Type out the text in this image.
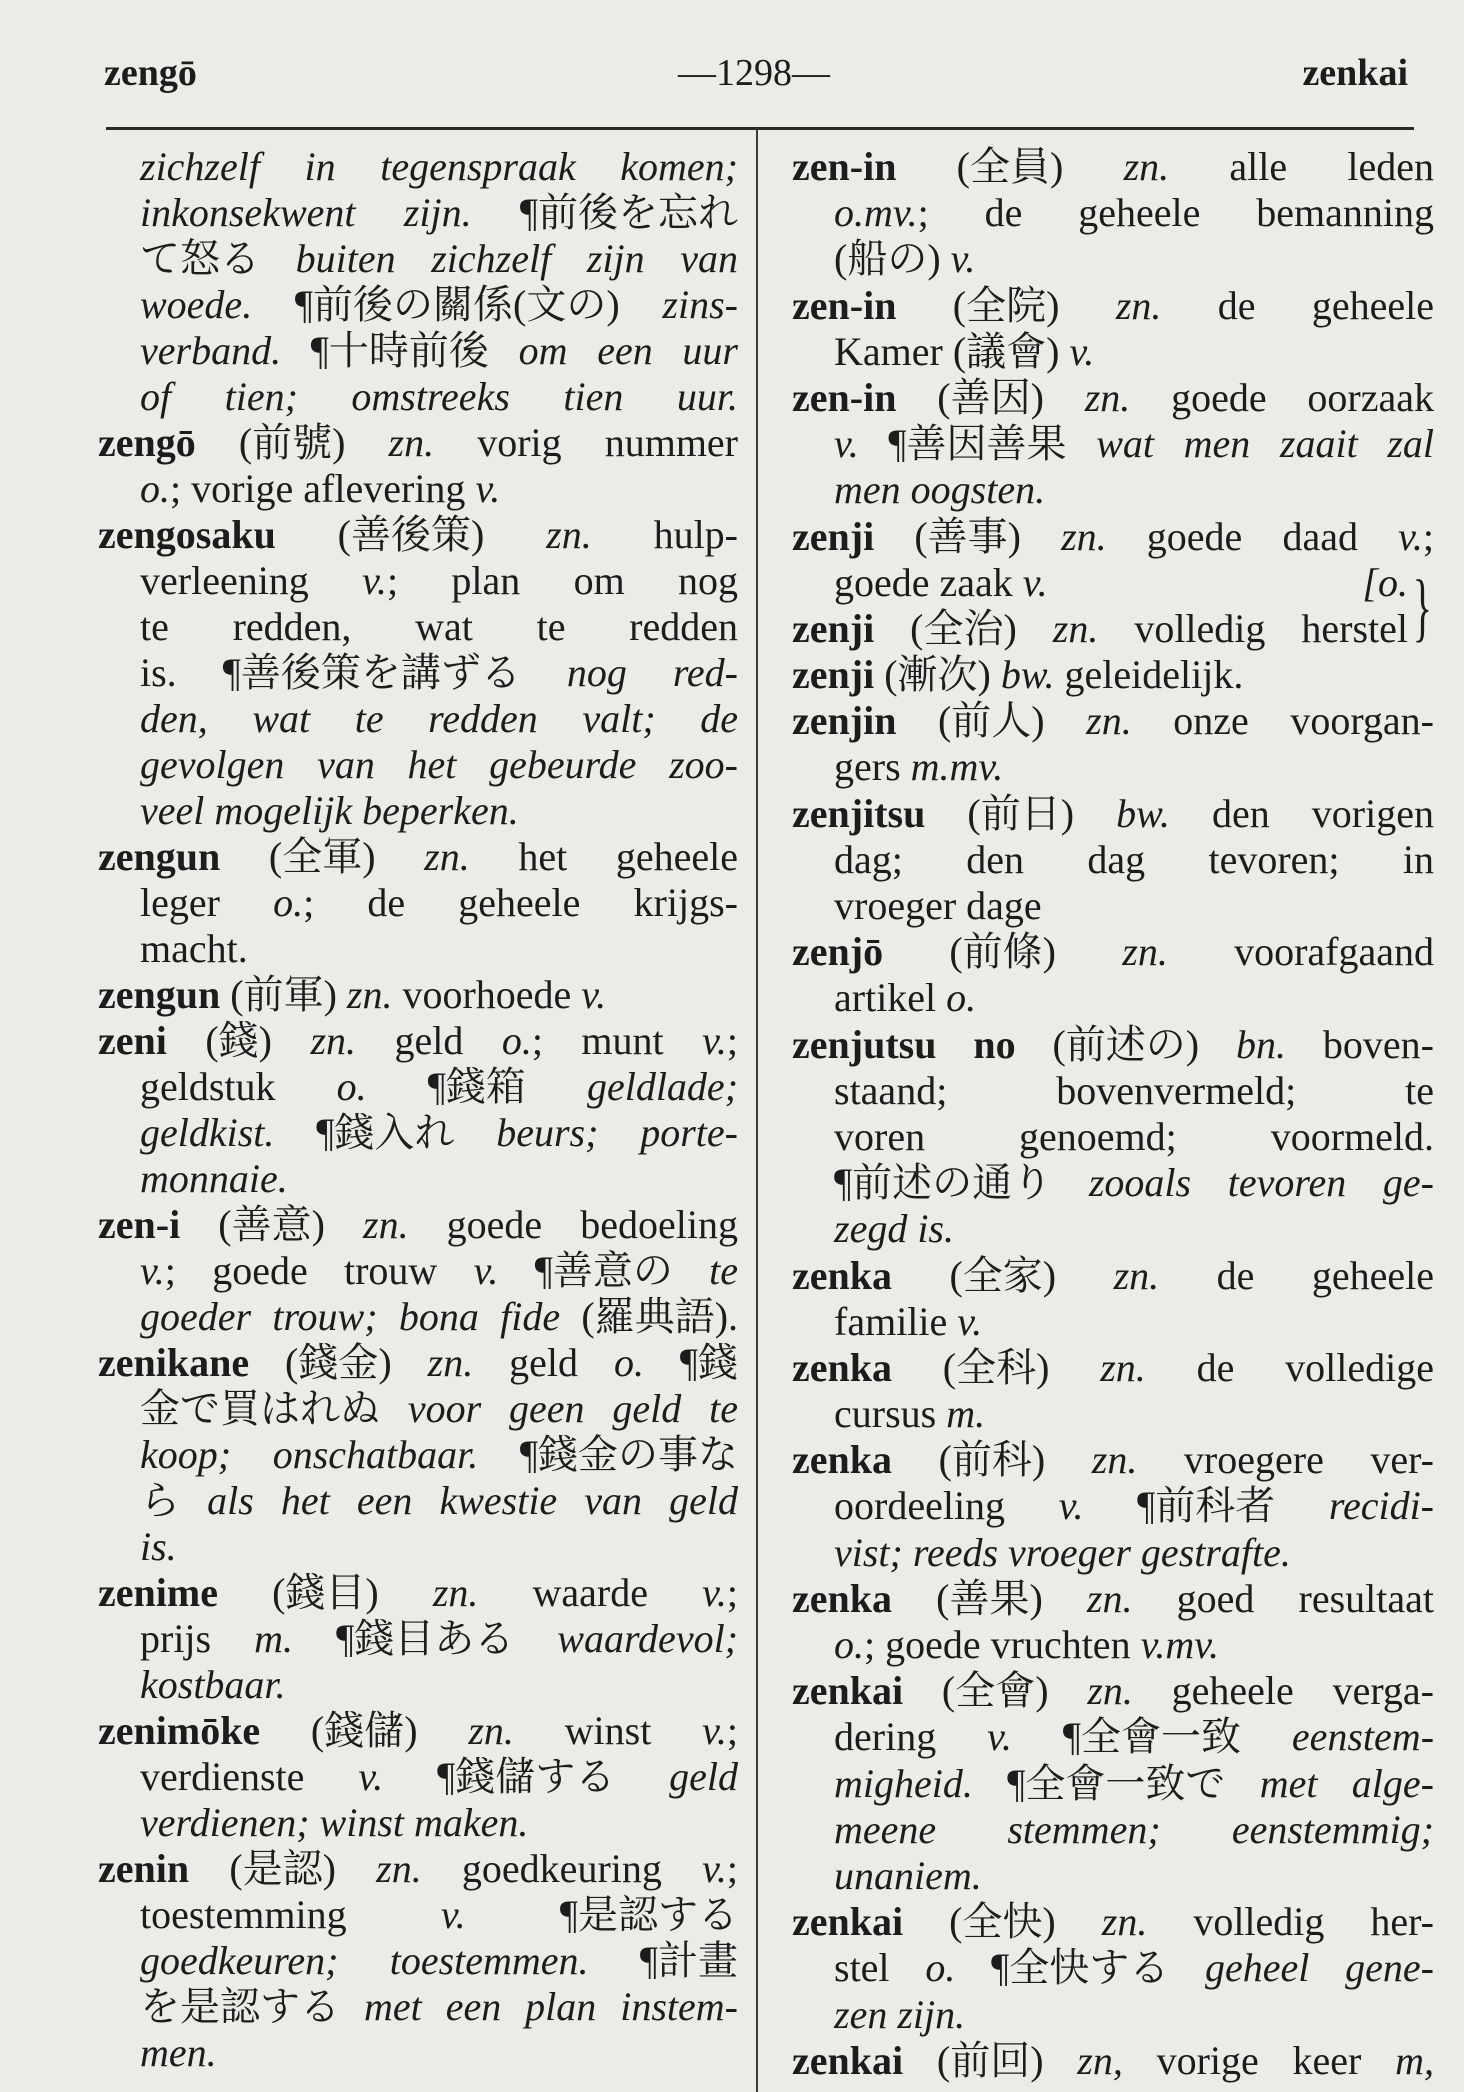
zengō	—1298—	zenkai
zichzelf in tegenspraak komen;
inkonsekwent zijn. ¶前後を忘れ
て怒る buiten zichzelf zijn van
woede. ¶前後の關係(文の) zins-
verband. ¶十時前後 om een uur
of tien; omstreeks tien uur.
zengō (前號) zn. vorig nummer
o.; vorige aflevering v.
zengosaku (善後策) zn. hulp-
verleening v.; plan om nog
te redden, wat te redden
is. ¶善後策を講ずる nog red-
den, wat te redden valt; de
gevolgen van het gebeurde zoo-
veel mogelijk beperken.
zengun (全軍) zn. het geheele
leger o.; de geheele krijgs-
macht.
zengun (前軍) zn. voorhoede v.
zeni (錢) zn. geld o.; munt v.;
geldstuk o. ¶錢箱 geldlade;
geldkist. ¶錢入れ beurs; porte-
monnaie.
zen-i (善意) zn. goede bedoeling
v.; goede trouw v. ¶善意の te
goeder trouw; bona fide (羅典語).
zenikane (錢金) zn. geld o. ¶錢
金で買はれぬ voor geen geld te
koop; onschatbaar. ¶錢金の事な
ら als het een kwestie van geld
is.
zenime (錢目) zn. waarde v.;
prijs m. ¶錢目ある waardevol;
kostbaar.
zenimōke (錢儲) zn. winst v.;
verdienste v. ¶錢儲する geld
verdienen; winst maken.
zenin (是認) zn. goedkeuring v.;
toestemming v. ¶是認する
goedkeuren; toestemmen. ¶計畫
を是認する met een plan instem-
men.
zen-in (全員) zn. alle leden
o.mv.; de geheele bemanning
(船の) v.
zen-in (全院) zn. de geheele
Kamer (議會) v.
zen-in (善因) zn. goede oorzaak
v. ¶善因善果 wat men zaait zal
men oogsten.
zenji (善事) zn. goede daad v.;
goede zaak v.	[o.
zenji (全治) zn. volledig herstel }
zenji (漸次) bw. geleidelijk.
zenjin (前人) zn. onze voorgan-
gers m.mv.
zenjitsu (前日) bw. den vorigen
dag; den dag tevoren; in
vroeger dage
zenjō (前條) zn. voorafgaand
artikel o.
zenjutsu no (前述の) bn. boven-
staand; bovenvermeld; te
voren genoemd; voormeld.
¶前述の通り zooals tevoren ge-
zegd is.
zenka (全家) zn. de geheele
familie v.
zenka (全科) zn. de volledige
cursus m.
zenka (前科) zn. vroegere ver-
oordeeling v. ¶前科者 recidi-
vist; reeds vroeger gestrafte.
zenka (善果) zn. goed resultaat
o.; goede vruchten v.mv.
zenkai (全會) zn. geheele verga-
dering v. ¶全會一致 eenstem-
migheid. ¶全會一致で met alge-
meene stemmen; eenstemmig;
unaniem.
zenkai (全快) zn. volledig her-
stel o. ¶全快する geheel gene-
zen zijn.
zenkai (前回) zn, vorige keer m,
